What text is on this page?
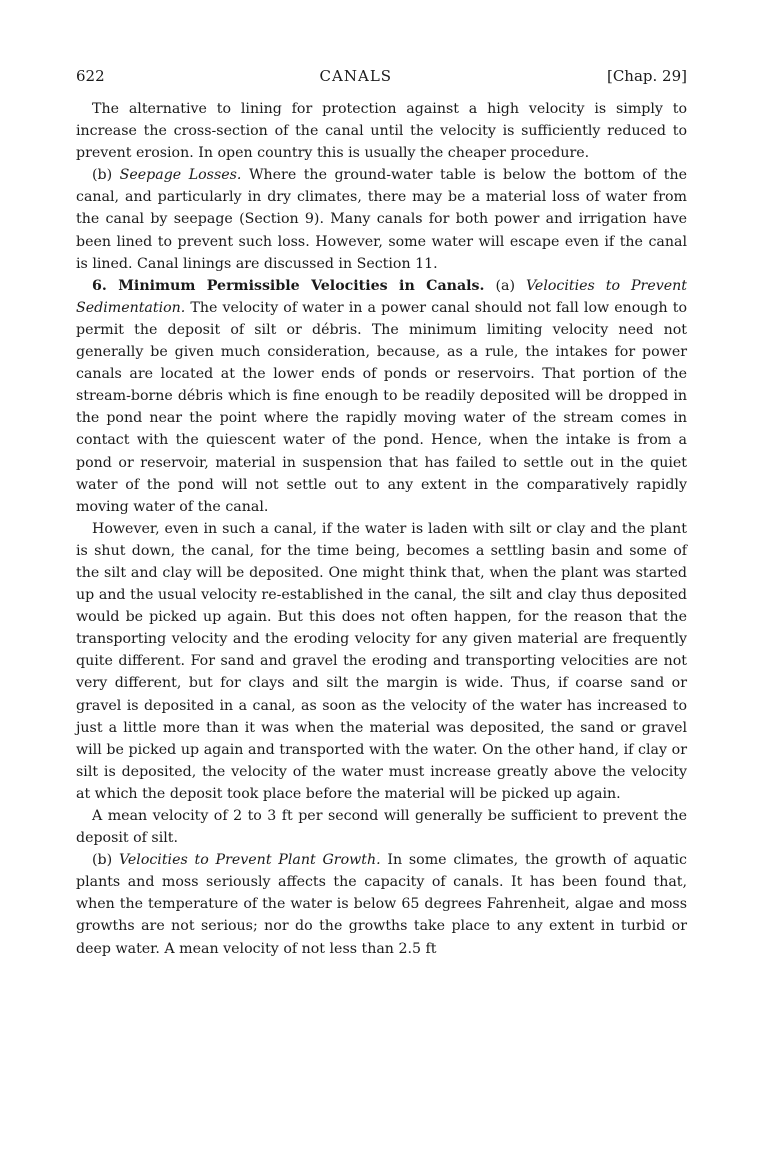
622	CANALS	[Chap. 29]

The alternative to lining for protection against a high velocity is simply to increase the cross-section of the canal until the velocity is sufficiently reduced to prevent erosion. In open country this is usually the cheaper procedure.

(b) Seepage Losses. Where the ground-water table is below the bottom of the canal, and particularly in dry climates, there may be a material loss of water from the canal by seepage (Section 9). Many canals for both power and irrigation have been lined to prevent such loss. However, some water will escape even if the canal is lined. Canal linings are discussed in Section 11.

6. Minimum Permissible Velocities in Canals. (a) Velocities to Prevent Sedimentation. The velocity of water in a power canal should not fall low enough to permit the deposit of silt or débris. The minimum limiting velocity need not generally be given much consideration, because, as a rule, the intakes for power canals are located at the lower ends of ponds or reservoirs. That portion of the stream-borne débris which is fine enough to be readily deposited will be dropped in the pond near the point where the rapidly moving water of the stream comes in contact with the quiescent water of the pond. Hence, when the intake is from a pond or reservoir, material in suspension that has failed to settle out in the quiet water of the pond will not settle out to any extent in the comparatively rapidly moving water of the canal.

However, even in such a canal, if the water is laden with silt or clay and the plant is shut down, the canal, for the time being, becomes a settling basin and some of the silt and clay will be deposited. One might think that, when the plant was started up and the usual velocity re-established in the canal, the silt and clay thus deposited would be picked up again. But this does not often happen, for the reason that the transporting velocity and the eroding velocity for any given material are frequently quite different. For sand and gravel the eroding and transporting velocities are not very different, but for clays and silt the margin is wide. Thus, if coarse sand or gravel is deposited in a canal, as soon as the velocity of the water has increased to just a little more than it was when the material was deposited, the sand or gravel will be picked up again and transported with the water. On the other hand, if clay or silt is deposited, the velocity of the water must increase greatly above the velocity at which the deposit took place before the material will be picked up again.

A mean velocity of 2 to 3 ft per second will generally be sufficient to prevent the deposit of silt.

(b) Velocities to Prevent Plant Growth. In some climates, the growth of aquatic plants and moss seriously affects the capacity of canals. It has been found that, when the temperature of the water is below 65 degrees Fahrenheit, algae and moss growths are not serious; nor do the growths take place to any extent in turbid or deep water. A mean velocity of not less than 2.5 ft
